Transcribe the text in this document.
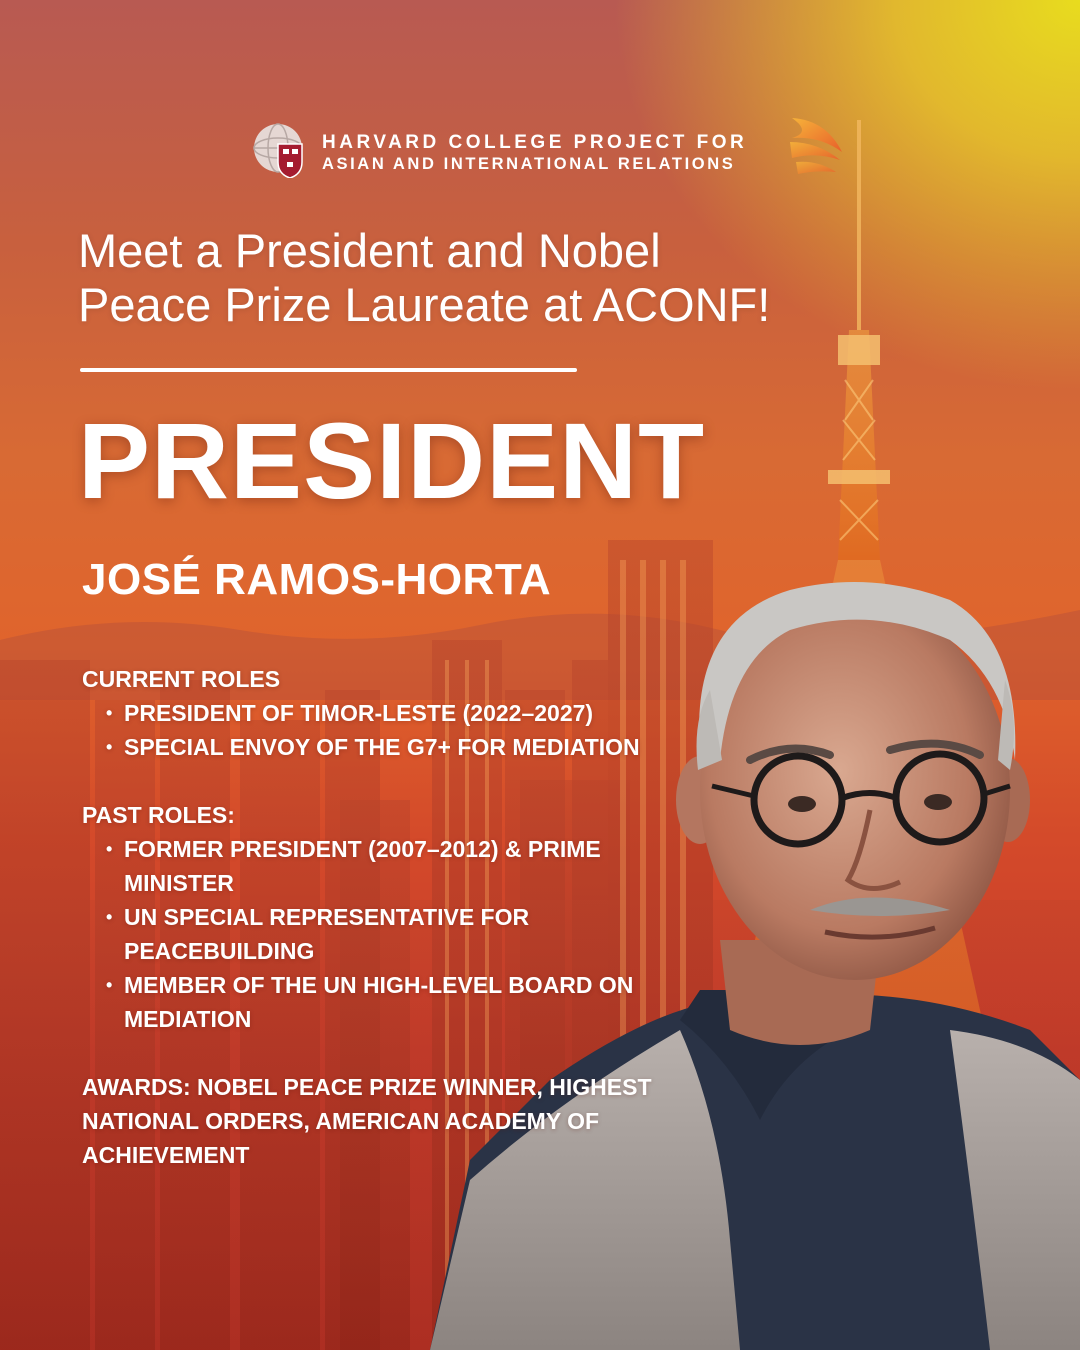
HARVARD COLLEGE PROJECT FOR
ASIAN AND INTERNATIONAL RELATIONS
Meet a President and Nobel
Peace Prize Laureate at ACONF!
PRESIDENT
JOSÉ RAMOS-HORTA

CURRENT ROLES

• PRESIDENT OF TIMOR-LESTE (2022–2027)
• SPECIAL ENVOY OF THE G7+ FOR MEDIATION

PAST ROLES:

• FORMER PRESIDENT (2007–2012) & PRIME
MINISTER
• UN SPECIAL REPRESENTATIVE FOR
PEACEBUILDING
• MEMBER OF THE UN HIGH-LEVEL BOARD ON
MEDIATION
AWARDS: NOBEL PEACE PRIZE WINNER, HIGHEST
NATIONAL ORDERS, AMERICAN ACADEMY OF
ACHIEVEMENT
